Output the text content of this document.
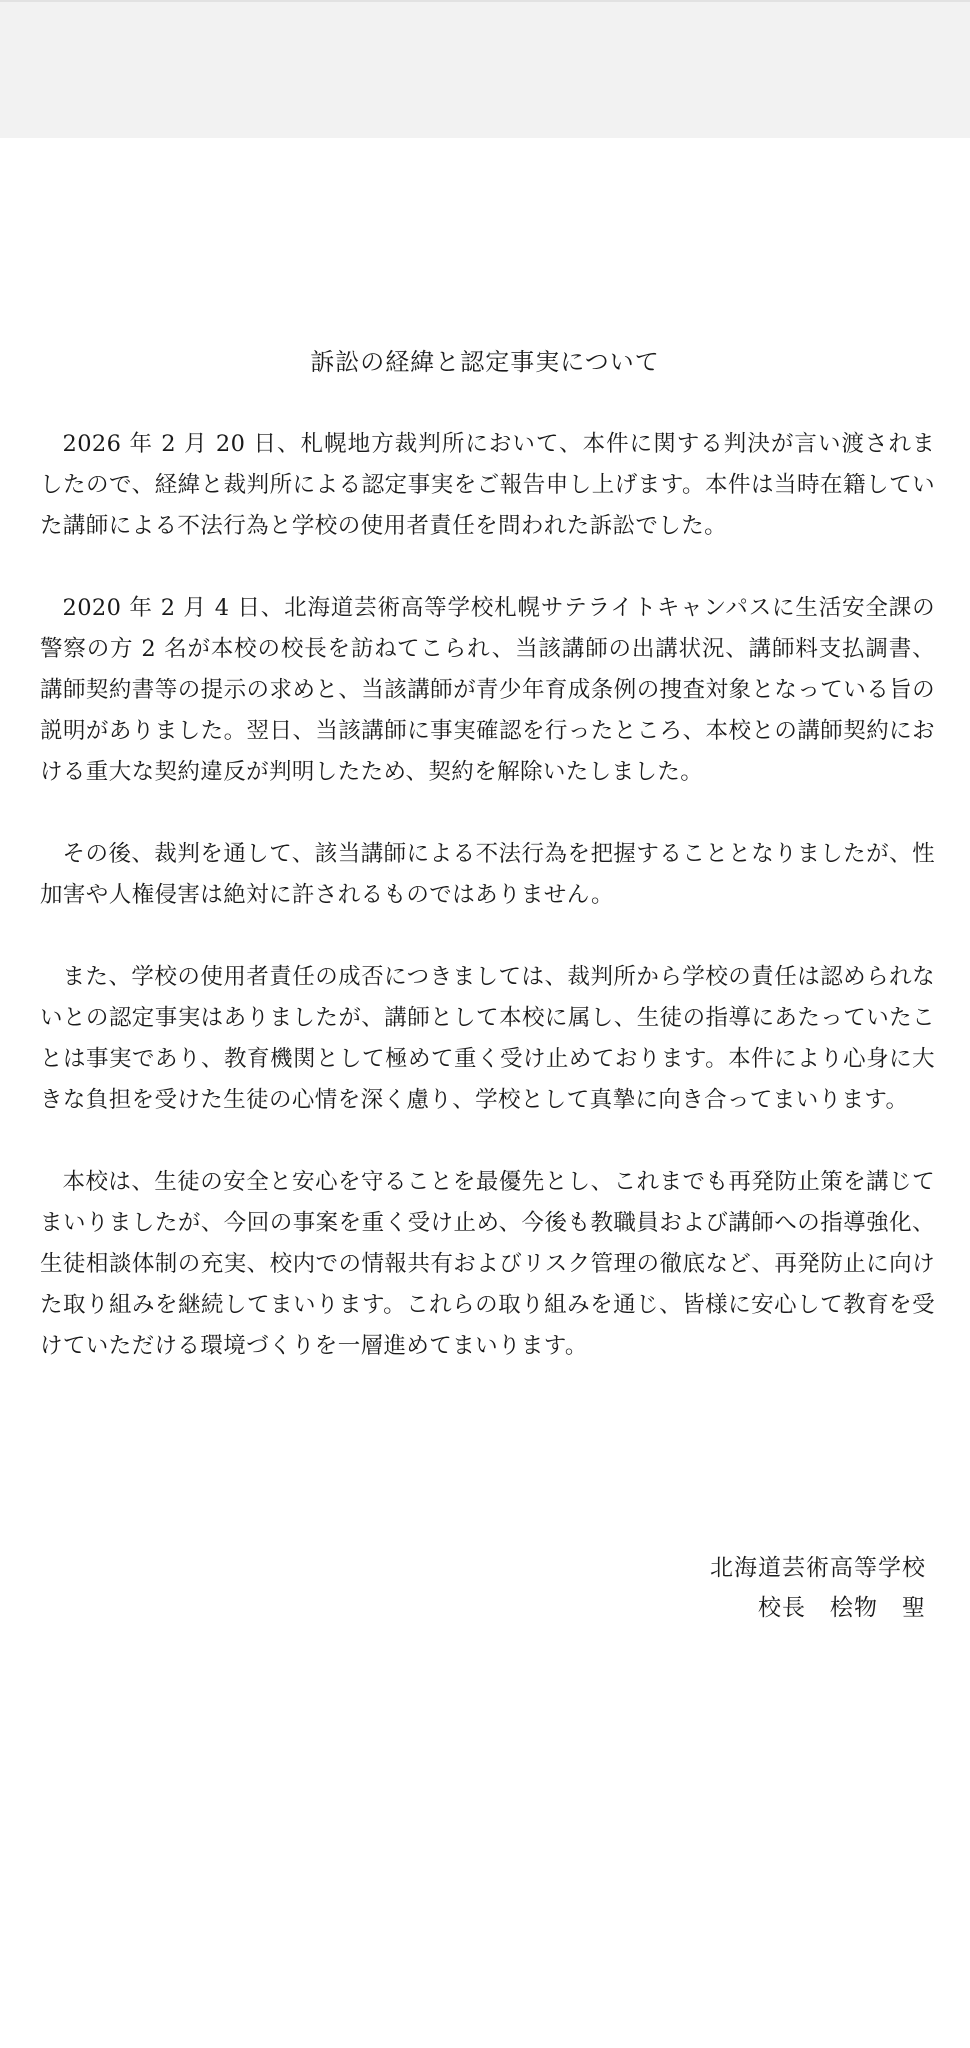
訴訟の経緯と認定事実について

2026 年 2 月 20 日、札幌地方裁判所において、本件に関する判決が言い渡されましたので、経緯と裁判所による認定事実をご報告申し上げます。本件は当時在籍していた講師による不法行為と学校の使用者責任を問われた訴訟でした。

2020 年 2 月 4 日、北海道芸術高等学校札幌サテライトキャンパスに生活安全課の警察の方 2 名が本校の校長を訪ねてこられ、当該講師の出講状況、講師料支払調書、講師契約書等の提示の求めと、当該講師が青少年育成条例の捜査対象となっている旨の説明がありました。翌日、当該講師に事実確認を行ったところ、本校との講師契約における重大な契約違反が判明したため、契約を解除いたしました。

その後、裁判を通して、該当講師による不法行為を把握することとなりましたが、性加害や人権侵害は絶対に許されるものではありません。

また、学校の使用者責任の成否につきましては、裁判所から学校の責任は認められないとの認定事実はありましたが、講師として本校に属し、生徒の指導にあたっていたことは事実であり、教育機関として極めて重く受け止めております。本件により心身に大きな負担を受けた生徒の心情を深く慮り、学校として真摯に向き合ってまいります。

本校は、生徒の安全と安心を守ることを最優先とし、これまでも再発防止策を講じてまいりましたが、今回の事案を重く受け止め、今後も教職員および講師への指導強化、生徒相談体制の充実、校内での情報共有およびリスク管理の徹底など、再発防止に向けた取り組みを継続してまいります。これらの取り組みを通じ、皆様に安心して教育を受けていただける環境づくりを一層進めてまいります。

北海道芸術高等学校
校長　桧物　聖
